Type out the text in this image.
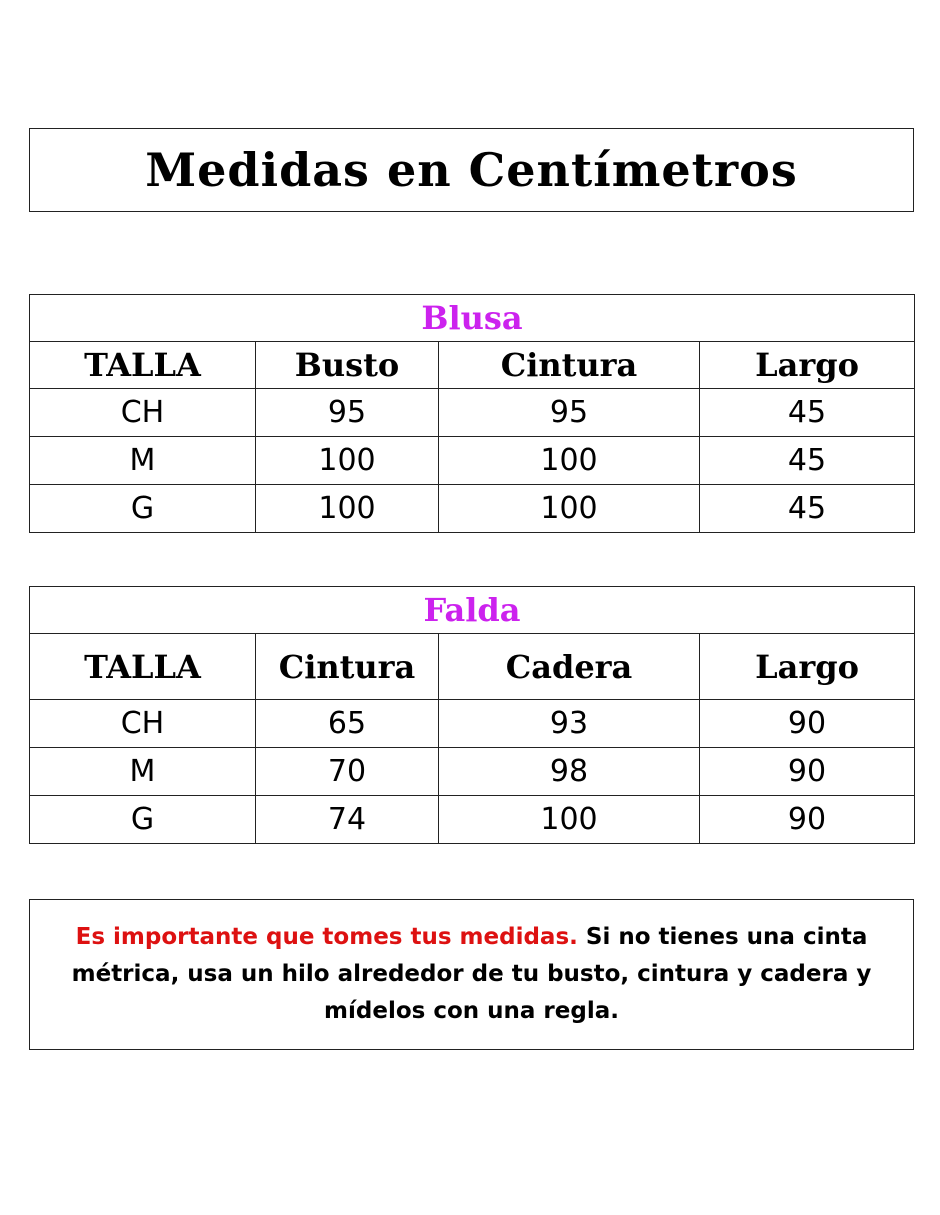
Medidas en Centímetros
Blusa			
TALLA	Busto	Cintura	Largo
CH	95	95	45
M	100	100	45
G	100	100	45
Falda			
TALLA	Cintura	Cadera	Largo
CH	65	93	90
M	70	98	90
G	74	100	90

Es importante que tomes tus medidas. Si no tienes una cinta métrica, usa un hilo alrededor de tu busto, cintura y cadera y mídelos con una regla.
